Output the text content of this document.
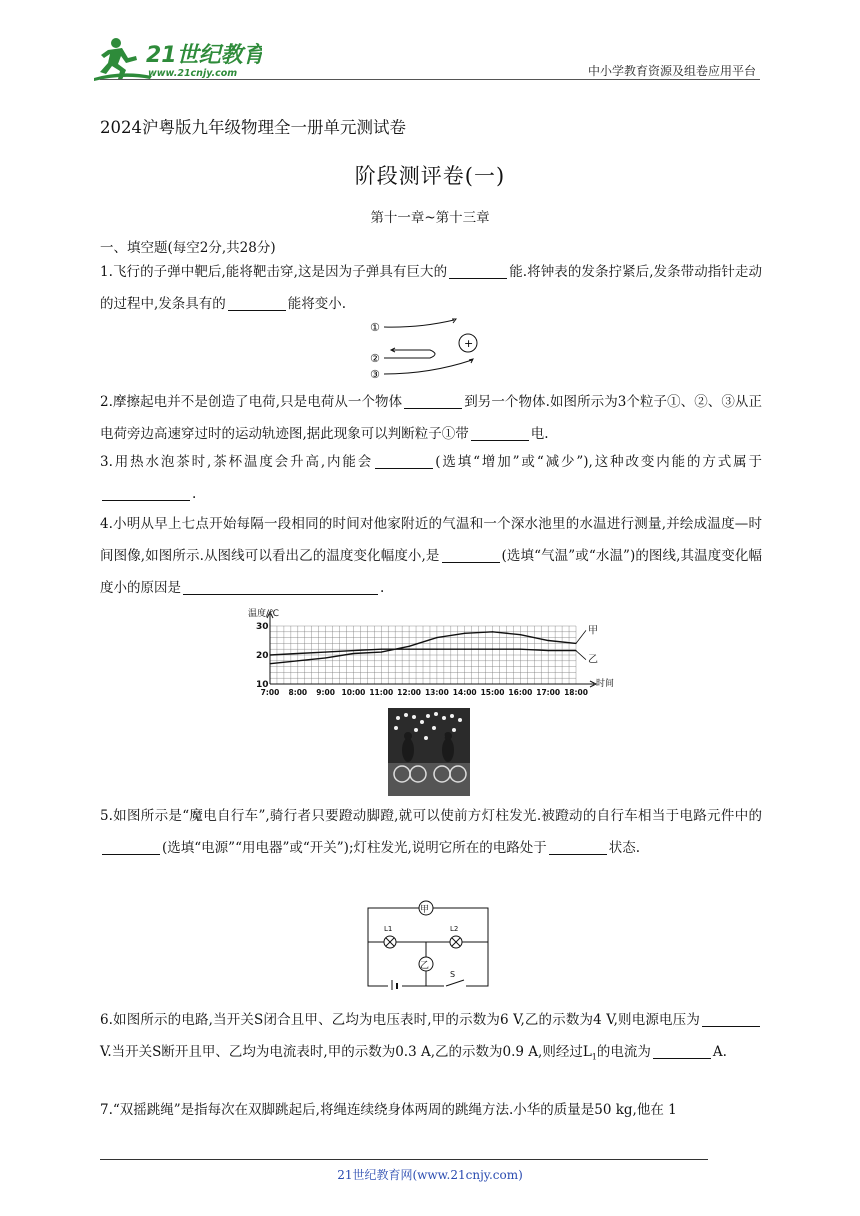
21世纪教育
www.21cnjy.com	中小学教育资源及组卷应用平台
2024沪粤版九年级物理全一册单元测试卷
阶段测评卷(一)
第十一章~第十三章
一、填空题(每空2分,共28分)
1.飞行的子弹中靶后,能将靶击穿,这是因为子弹具有巨大的	能.将钟表的发条拧紧后,发条带动指针走动的过程中,发条具有的	能将变小.
①
②
③
+
2.摩擦起电并不是创造了电荷,只是电荷从一个物体	到另一个物体.如图所示为3个粒子①、②、③从正电荷旁边高速穿过时的运动轨迹图,据此现象可以判断粒子①带	电.
3.用热水泡茶时,茶杯温度会升高,内能会	(选填“增加”或“减少”),这种改变内能的方式属于.
4.小明从早上七点开始每隔一段相同的时间对他家附近的气温和一个深水池里的水温进行测量,并绘成温度—时间图像,如图所示.从图线可以看出乙的温度变化幅度小,是	(选填“气温”或“水温”)的图线,其温度变化幅度小的原因是	.
温度/℃
时间
10
20
30
7:00 8:00 9:00 10:00 11:00 12:00 13:00 14:00 15:00 16:00 17:00 18:00
甲
乙
5.如图所示是“魔电自行车”,骑行者只要蹬动脚蹬,就可以使前方灯柱发光.被蹬动的自行车相当于电路元件中的(选填“电源”“用电器”或“开关”);灯柱发光,说明它所在的电路处于	状态.
甲
L1	L2
乙
S
6.如图所示的电路,当开关S闭合且甲、乙均为电压表时,甲的示数为6 V,乙的示数为4 V,则电源电压为V.当开关S断开且甲、乙均为电流表时,甲的示数为0.3 A,乙的示数为0.9 A,则经过$L_1$的电流为	A.
7.“双摇跳绳”是指每次在双脚跳起后,将绳连续绕身体两周的跳绳方法.小华的质量是50 kg,他在 1
21世纪教育网(www.21cnjy.com)
